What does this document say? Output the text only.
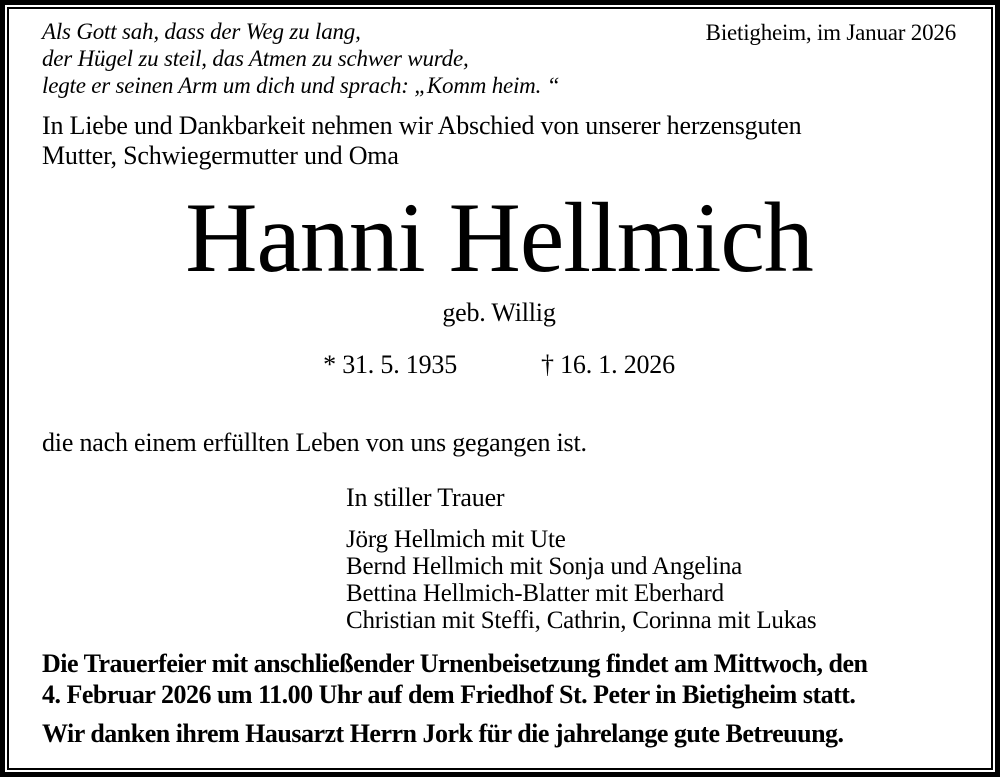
Als Gott sah, dass der Weg zu lang,
der Hügel zu steil, das Atmen zu schwer wurde,
legte er seinen Arm um dich und sprach: „Komm heim. “
Bietigheim, im Januar 2026
In Liebe und Dankbarkeit nehmen wir Abschied von unserer herzensguten
Mutter, Schwiegermutter und Oma
Hanni Hellmich
geb. Willig
* 31. 5. 1935	† 16. 1. 2026
die nach einem erfüllten Leben von uns gegangen ist.
In stiller Trauer
Jörg Hellmich mit Ute
Bernd Hellmich mit Sonja und Angelina
Bettina Hellmich-Blatter mit Eberhard
Christian mit Steffi, Cathrin, Corinna mit Lukas
Die Trauerfeier mit anschließender Urnenbeisetzung findet am Mittwoch, den
4. Februar 2026 um 11.00 Uhr auf dem Friedhof St. Peter in Bietigheim statt.
Wir danken ihrem Hausarzt Herrn Jork für die jahrelange gute Betreuung.
